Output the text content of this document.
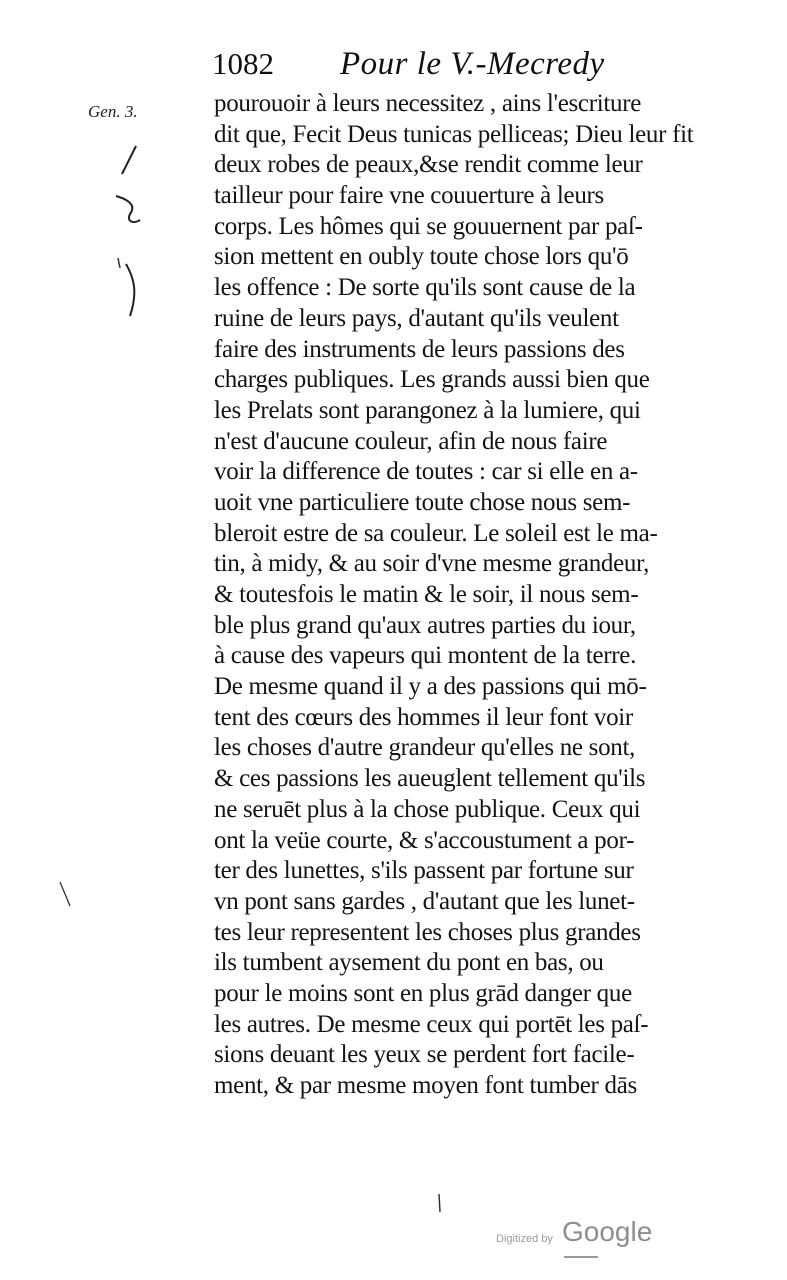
1082 Pour le V.-Mecredy
Gen. 3.	pourouoir à leurs necessitez , ains l'escriture
dit que, Fecit Deus tunicas pelliceas; Dieu leur fit
deux robes de peaux,&se rendit comme leur
tailleur pour faire vne couuerture à leurs
corps. Les hômes qui se gouuernent par paſ-
sion mettent en oubly toute chose lors qu'ō
les offence : De sorte qu'ils sont cause de la
ruine de leurs pays, d'autant qu'ils veulent
faire des instruments de leurs passions des
charges publiques. Les grands aussi bien que
les Prelats sont parangonez à la lumiere, qui
n'est d'aucune couleur, afin de nous faire
voir la difference de toutes : car si elle en a-
uoit vne particuliere toute chose nous sem-
bleroit estre de sa couleur. Le soleil est le ma-
tin, à midy, & au soir d'vne mesme grandeur,
& toutesfois le matin & le soir, il nous sem-
ble plus grand qu'aux autres parties du iour,
à cause des vapeurs qui montent de la terre.
De mesme quand il y a des passions qui mō-
tent des cœurs des hommes il leur font voir
les choses d'autre grandeur qu'elles ne sont,
& ces passions les aueuglent tellement qu'ils
ne seruēt plus à la chose publique. Ceux qui
ont la veüe courte, & s'accoustument a por-
ter des lunettes, s'ils passent par fortune sur
vn pont sans gardes , d'autant que les lunet-
tes leur representent les choses plus grandes
ils tumbent aysement du pont en bas, ou
pour le moins sont en plus grād danger que
les autres. De mesme ceux qui portēt les paſ-
sions deuant les yeux se perdent fort facile-
ment, & par mesme moyen font tumber dās
Digitized by Google
